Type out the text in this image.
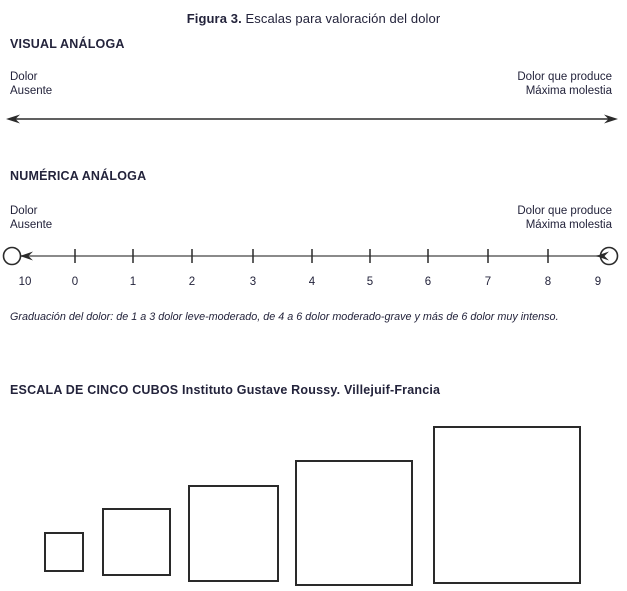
Figura 3. Escalas para valoración del dolor
VISUAL ANÁLOGA
Dolor
Ausente
Dolor que produce
Máxima molestia
NUMÉRICA ANÁLOGA
Dolor
Ausente
Dolor que produce
Máxima molestia
10	0	1	2	3	4	5	6	7	8	9
Graduación del dolor: de 1 a 3 dolor leve-moderado, de 4 a 6 dolor moderado-grave y más de 6 dolor muy intenso.
ESCALA DE CINCO CUBOS Instituto Gustave Roussy. Villejuif-Francia
